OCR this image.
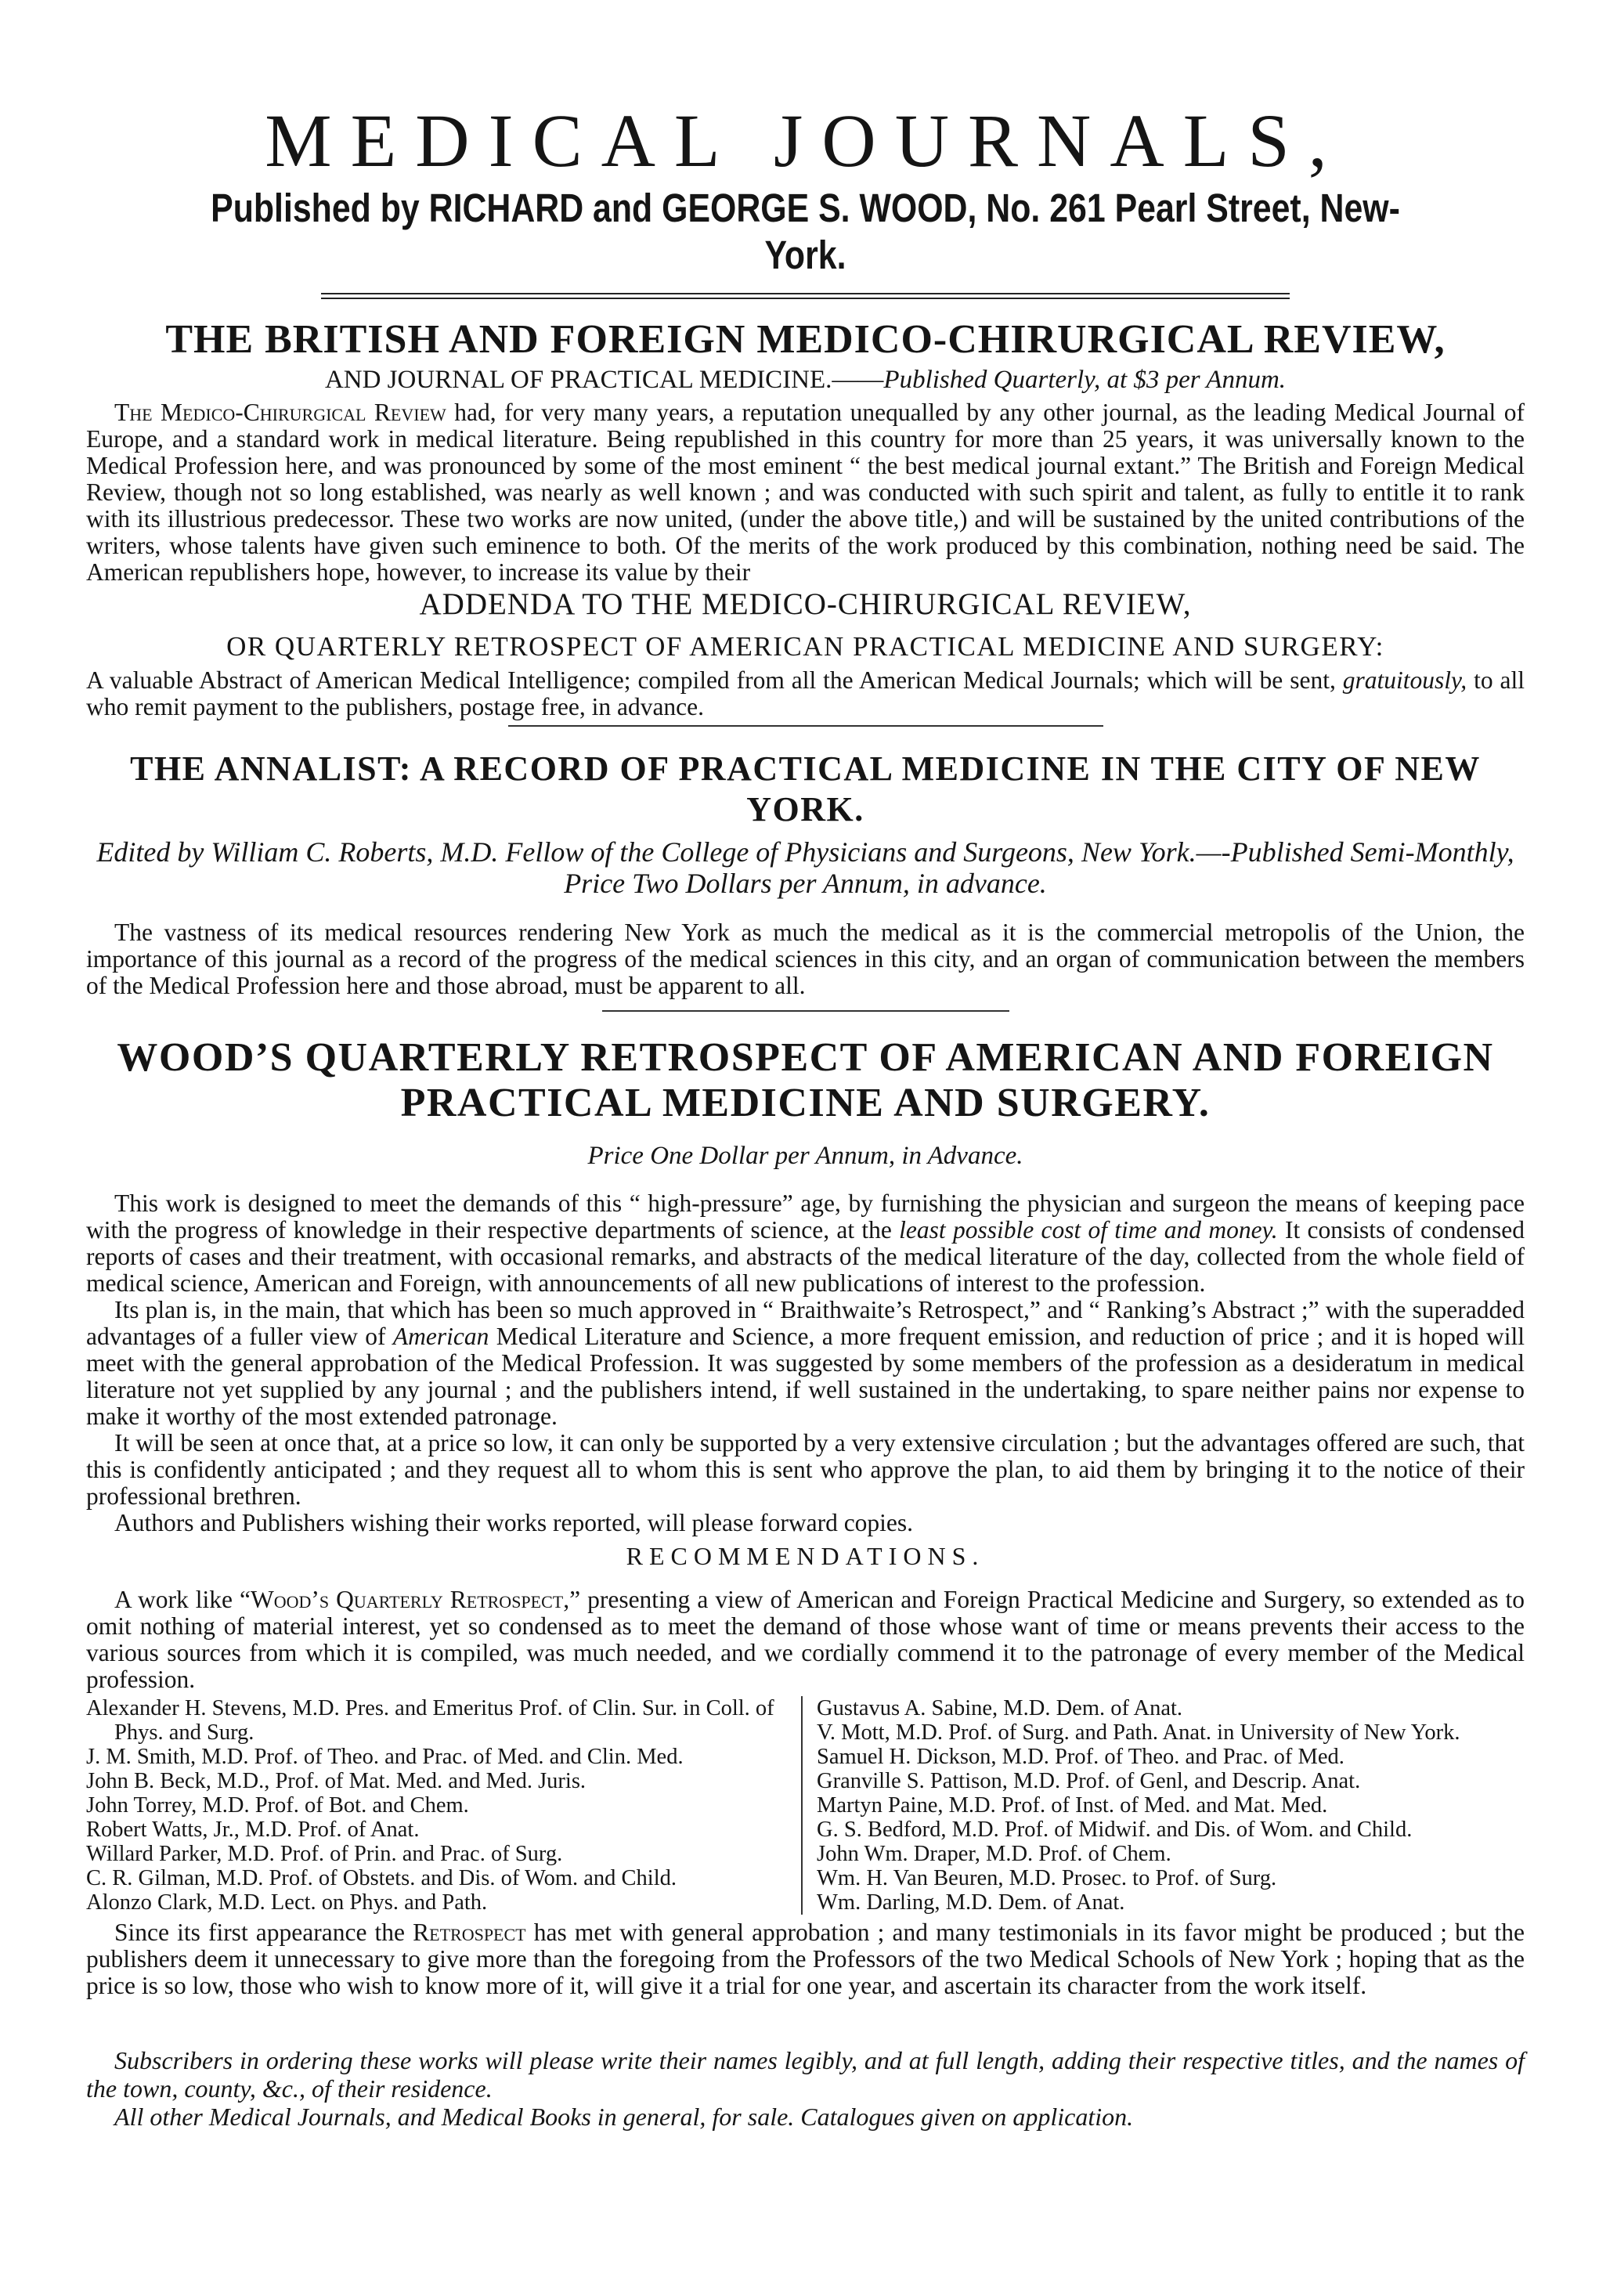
MEDICAL JOURNALS,
Published by RICHARD and GEORGE S. WOOD, No. 261 Pearl Street, New-York.
THE BRITISH AND FOREIGN MEDICO-CHIRURGICAL REVIEW,
AND JOURNAL OF PRACTICAL MEDICINE.——Published Quarterly, at $3 per Annum.

The Medico-Chirurgical Review had, for very many years, a reputation unequalled by any other journal, as the leading Medical Journal of Europe, and a standard work in medical literature. Being republished in this country for more than 25 years, it was universally known to the Medical Profession here, and was pronounced by some of the most eminent “ the best medical journal extant.” The British and Foreign Medical Review, though not so long established, was nearly as well known ; and was conducted with such spirit and talent, as fully to entitle it to rank with its illustrious predecessor. These two works are now united, (under the above title,) and will be sustained by the united contributions of the writers, whose talents have given such eminence to both. Of the merits of the work produced by this combination, nothing need be said. The American republishers hope, however, to increase its value by their

ADDENDA TO THE MEDICO-CHIRURGICAL REVIEW,
OR QUARTERLY RETROSPECT OF AMERICAN PRACTICAL MEDICINE AND SURGERY:

A valuable Abstract of American Medical Intelligence; compiled from all the American Medical Journals; which will be sent, gratuitously, to all who remit payment to the publishers, postage free, in advance.

THE ANNALIST: A RECORD OF PRACTICAL MEDICINE IN THE CITY OF NEW YORK.
Edited by William C. Roberts, M.D. Fellow of the College of Physicians and Surgeons, New York.—-Published Semi-Monthly, Price Two Dollars per Annum, in advance.

The vastness of its medical resources rendering New York as much the medical as it is the commercial metropolis of the Union, the importance of this journal as a record of the progress of the medical sciences in this city, and an organ of communication between the members of the Medical Profession here and those abroad, must be apparent to all.

WOOD’S QUARTERLY RETROSPECT OF AMERICAN AND FOREIGN
PRACTICAL MEDICINE AND SURGERY.
Price One Dollar per Annum, in Advance.

This work is designed to meet the demands of this “ high-pressure” age, by furnishing the physician and surgeon the means of keeping pace with the progress of knowledge in their respective departments of science, at the least possible cost of time and money. It consists of condensed reports of cases and their treatment, with occasional remarks, and abstracts of the medical literature of the day, collected from the whole field of medical science, American and Foreign, with announcements of all new publications of interest to the profession.

Its plan is, in the main, that which has been so much approved in “ Braithwaite’s Retrospect,” and “ Ranking’s Abstract ;” with the superadded advantages of a fuller view of American Medical Literature and Science, a more frequent emission, and reduction of price ; and it is hoped will meet with the general approbation of the Medical Profession. It was suggested by some members of the profession as a desideratum in medical literature not yet supplied by any journal ; and the publishers intend, if well sustained in the undertaking, to spare neither pains nor expense to make it worthy of the most extended patronage.

It will be seen at once that, at a price so low, it can only be supported by a very extensive circulation ; but the advantages offered are such, that this is confidently anticipated ; and they request all to whom this is sent who approve the plan, to aid them by bringing it to the notice of their professional brethren.

Authors and Publishers wishing their works reported, will please forward copies.

RECOMMENDATIONS.

A work like “Wood’s Quarterly Retrospect,” presenting a view of American and Foreign Practical Medicine and Surgery, so extended as to omit nothing of material interest, yet so condensed as to meet the demand of those whose want of time or means prevents their access to the various sources from which it is compiled, was much needed, and we cordially commend it to the patronage of every member of the Medical profession.

Alexander H. Stevens, M.D. Pres. and Emeritus Prof. of Clin. Sur. in Coll. of Phys. and Surg.
J. M. Smith, M.D. Prof. of Theo. and Prac. of Med. and Clin. Med.
John B. Beck, M.D., Prof. of Mat. Med. and Med. Juris.
John Torrey, M.D. Prof. of Bot. and Chem.
Robert Watts, Jr., M.D. Prof. of Anat.
Willard Parker, M.D. Prof. of Prin. and Prac. of Surg.
C. R. Gilman, M.D. Prof. of Obstets. and Dis. of Wom. and Child.
Alonzo Clark, M.D. Lect. on Phys. and Path.
Gustavus A. Sabine, M.D. Dem. of Anat.
V. Mott, M.D. Prof. of Surg. and Path. Anat. in University of New York.
Samuel H. Dickson, M.D. Prof. of Theo. and Prac. of Med.
Granville S. Pattison, M.D. Prof. of Genl, and Descrip. Anat.
Martyn Paine, M.D. Prof. of Inst. of Med. and Mat. Med.
G. S. Bedford, M.D. Prof. of Midwif. and Dis. of Wom. and Child.
John Wm. Draper, M.D. Prof. of Chem.
Wm. H. Van Beuren, M.D. Prosec. to Prof. of Surg.
Wm. Darling, M.D. Dem. of Anat.

Since its first appearance the Retrospect has met with general approbation ; and many testimonials in its favor might be produced ; but the publishers deem it unnecessary to give more than the foregoing from the Professors of the two Medical Schools of New York ; hoping that as the price is so low, those who wish to know more of it, will give it a trial for one year, and ascertain its character from the work itself.

Subscribers in ordering these works will please write their names legibly, and at full length, adding their respective titles, and the names of the town, county, &c., of their residence.

All other Medical Journals, and Medical Books in general, for sale. Catalogues given on application.
